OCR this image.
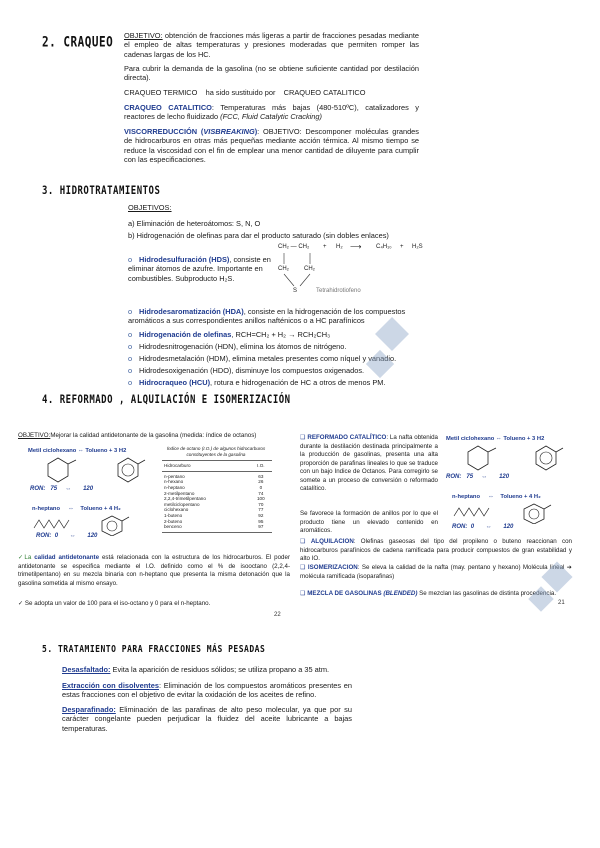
2. CRAQUEO OBJETIVO: obtención de fracciones más ligeras a partir de fracciones pesadas mediante el empleo de altas temperaturas y presiones moderadas que permiten romper las cadenas largas de los HC.
Para cubrir la demanda de la gasolina (no se obtiene suficiente cantidad por destilación directa).
CRAQUEO TERMICO ha sido sustituido por CRAQUEO CATALITICO
CRAQUEO CATALITICO: Temperaturas más bajas (480-510ºC), catalizadores y reactores de lecho fluidizado (FCC, Fluid Catalytic Cracking)
VISCORREDUCCIÓN (VISBREAKING): OBJETIVO: Descomponer moléculas grandes de hidrocarburos en otras más pequeñas mediante acción térmica. Al mismo tiempo se reduce la viscosidad con el fin de emplear una menor cantidad de diluyente para cumplir con las especificaciones.
3. HIDROTRATAMIENTOS
OBJETIVOS:
a) Eliminación de heteroátomos: S, N, O
b) Hidrogenación de olefinas para dar el producto saturado (sin dobles enlaces)
o Hidrodesulfuración (HDS), consiste en eliminar átomos de azufre. Importante en combustibles. Subproducto H₂S.
CH₂ — CH₂ + H₂ ⟶ C₄H₁₀ + H₂S
CH₂	CH₂
S	Tetrahidrotiofeno
o Hidrodesaromatización (HDA), consiste en la hidrogenación de los compuestos aromáticos a sus correspondientes anillos nafténicos o a HC parafínicos
o Hidrogenación de olefinas, RCH=CH₂ + H₂ → RCH₂CH₃
o Hidrodesnitrogenación (HDN), elimina los átomos de nitrógeno.
o Hidrodesmetalación (HDM), elimina metales presentes como níquel y vanadio.
o Hidrodesoxigenación (HDO), disminuye los compuestos oxigenados.
o Hidrocraqueo (HCU), rotura e hidrogenación de HC a otros de menos PM.
4. REFORMADO , ALQUILACIÓN E ISOMERIZACIÓN
OBJETIVO:Mejorar la calidad antidetonante de la gasolina (medida: índice de octanos)
Metil ciclohexano ⇔ Tolueno + 3 H2
RON: 75 ⇔ 120
n-heptano ⇔ Tolueno + 4 H₂
RON: 0 ⇔ 120
Índice de octano (I.O.) de algunos hidrocarburos constituyentes de la gasolina
Hidrocarburo	I.O.
n-pentano	63
n-hexano	26
n-heptano	0
2-metilpentano	74
2,2,4-trimetilpentano	100
metilciclopentano	70
ciclohexano	77
1-buteno	92
2-buteno	95
benceno	97
✓La calidad antidetonante está relacionada con la estructura de los hidrocarburos. El poder antidetonante se especifica mediante el I.O. definido como el % de isooctano (2,2,4-trimetilpentano) en su mezcla binaria con n-heptano que presenta la misma detonación que la gasolina sometida al mismo ensayo.
✓ Se adopta un valor de 100 para el iso-octano y 0 para el n-heptano.
22
❑ REFORMADO CATALÍTICO: La nafta obtenida durante la destilación destinada principalmente a la producción de gasolinas, presenta una alta proporción de parafinas lineales lo que se traduce con un bajo Indice de Octanos. Para corregirlo se somete a un proceso de conversión o reformado catalítico.
Se favorece la formación de anillos por lo que el producto tiene un elevado contenido en aromáticos.
Metil ciclohexano ⇔ Tolueno + 3 H2
RON: 75 ⇔ 120
n-heptano ⇔ Tolueno + 4 H₂
RON: 0 ⇔ 120
❑ ALQUILACION: Olefinas gaseosas del tipo del propileno o buteno reaccionan con hidrocarburos parafínicos de cadena ramificada para producir compuestos de gran estabilidad y alto IO.
❑ ISOMERIZACION: Se eleva la calidad de la nafta (may. pentano y hexano) Molécula lineal ➔ molécula ramificada (isoparafinas)
❑ MEZCLA DE GASOLINAS (BLENDED) Se mezclan las gasolinas de distinta procedencia.
21
5. TRATAMIENTO PARA FRACCIONES MÁS PESADAS
Desasfaltado: Evita la aparición de residuos sólidos; se utiliza propano a 35 atm.
Extracción con disolventes: Eliminación de los compuestos aromáticos presentes en estas fracciones con el objetivo de evitar la oxidación de los aceites de refino.
Desparafinado: Eliminación de las parafinas de alto peso molecular, ya que por su carácter congelante pueden perjudicar la fluidez del aceite lubricante a bajas temperaturas.
